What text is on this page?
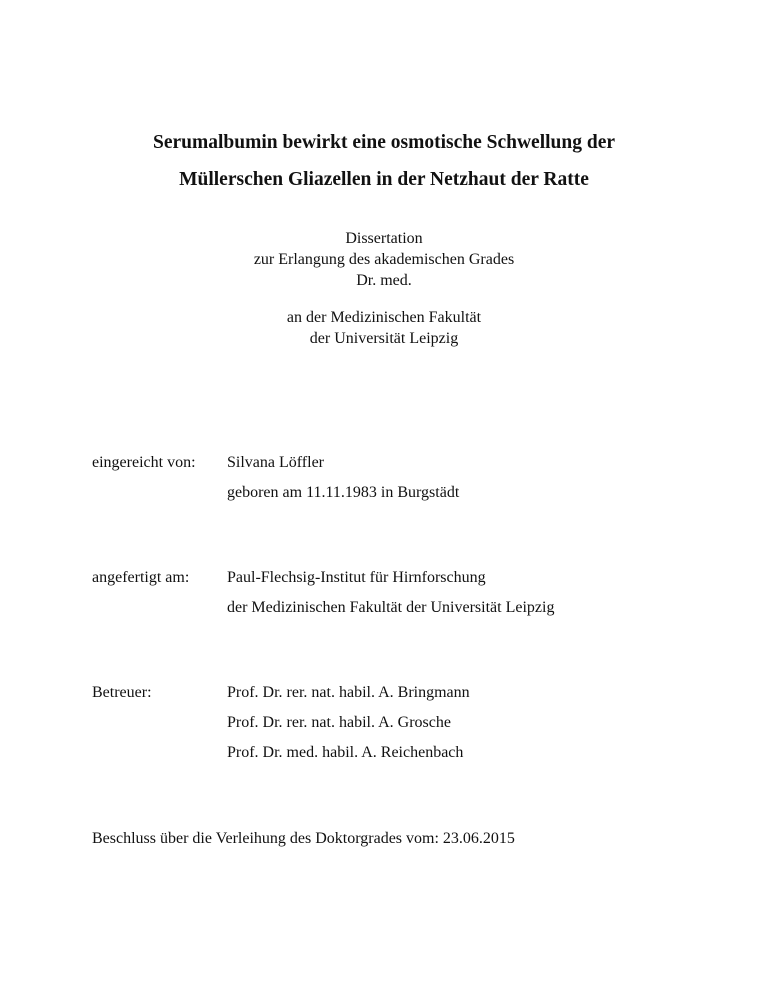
Serumalbumin bewirkt eine osmotische Schwellung der
Müllerschen Gliazellen in der Netzhaut der Ratte
Dissertation
zur Erlangung des akademischen Grades
Dr. med.
an der Medizinischen Fakultät
der Universität Leipzig
eingereicht von:	Silvana Löffler
geboren am 11.11.1983 in Burgstädt
angefertigt am:	Paul-Flechsig-Institut für Hirnforschung
der Medizinischen Fakultät der Universität Leipzig
Betreuer:	Prof. Dr. rer. nat. habil. A. Bringmann
Prof. Dr. rer. nat. habil. A. Grosche
Prof. Dr. med. habil. A. Reichenbach
Beschluss über die Verleihung des Doktorgrades vom: 23.06.2015
